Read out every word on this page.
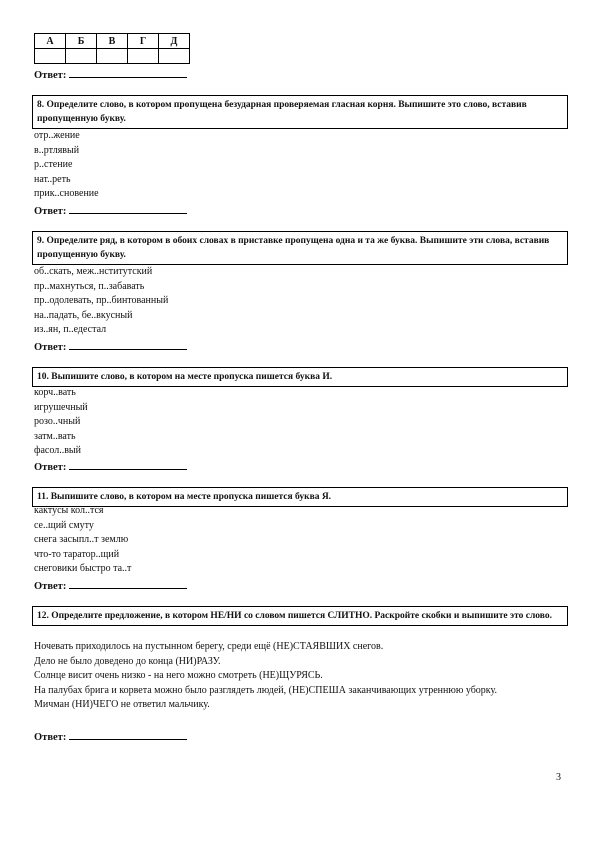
А	Б	В	Г	Д

Ответ:
8. Определите слово, в котором пропущена безударная проверяемая гласная корня. Выпишите это слово, вставив пропущенную букву.
отр..жение
в..ртлявый
р..стение
нат..реть
прик..сновение
Ответ:
9. Определите ряд, в котором в обоих словах в приставке пропущена одна и та же буква. Выпишите эти слова, вставив пропущенную букву.
об..скать, меж..нститутский
пр..махнуться, п..забавать
пр..одолевать, пр..бинтованный
на..падать, бе..вкусный
из..ян, п..едестал
Ответ:
10. Выпишите слово, в котором на месте пропуска пишется буква И.
корч..вать
игрушечный
розо..чный
затм..вать
фасол..вый
Ответ:
11. Выпишите слово, в котором на месте пропуска пишется буква Я.
кактусы кол..тся
се..щий смуту
снега засыпл..т землю
что-то таратор..щий
снеговики быстро та..т
Ответ:
12. Определите предложение, в котором НЕ/НИ со словом пишется СЛИТНО. Раскройте скобки и выпишите это слово.
Ночевать приходилось на пустынном берегу, среди ещё (НЕ)СТАЯВШИХ снегов.
Дело не было доведено до конца (НИ)РАЗУ.
Солнце висит очень низко - на него можно смотреть (НЕ)ЩУРЯСЬ.
На палубах брига и корвета можно было разглядеть людей, (НЕ)СПЕША заканчивающих утреннюю уборку.
Мичман (НИ)ЧЕГО не ответил мальчику.
Ответ:
3
